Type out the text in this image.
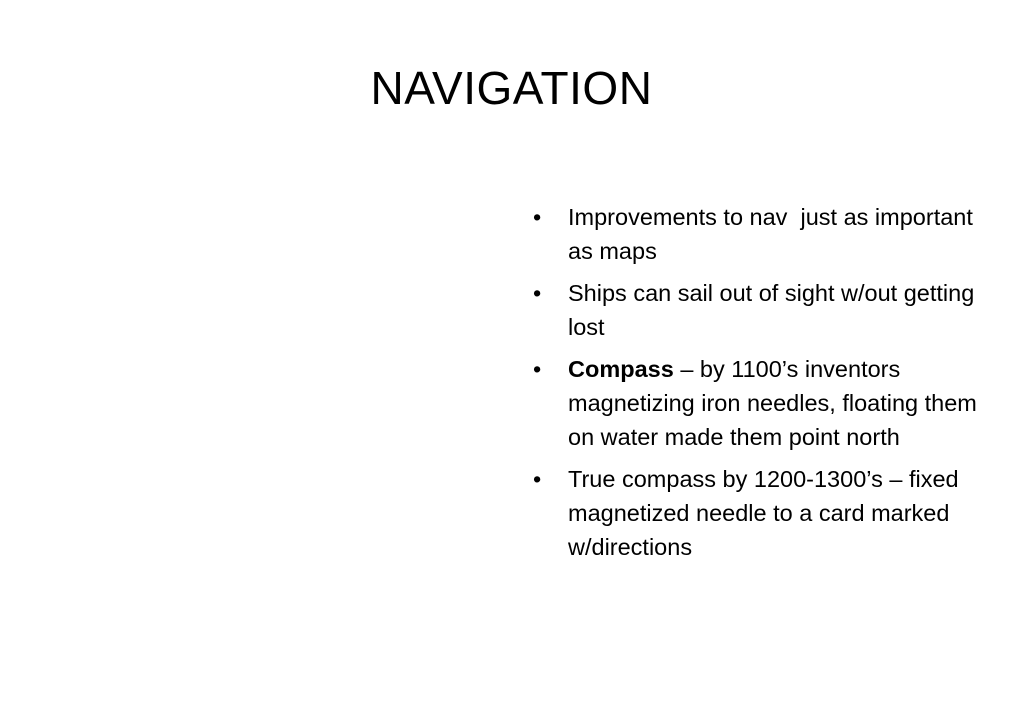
NAVIGATION
•	Improvements to nav  just as important as maps
•	Ships can sail out of sight w/out getting lost
•	Compass – by 1100’s inventors magnetizing iron needles, floating them on water made them point north
•	True compass by 1200-1300’s – fixed magnetized needle to a card marked w/directions
